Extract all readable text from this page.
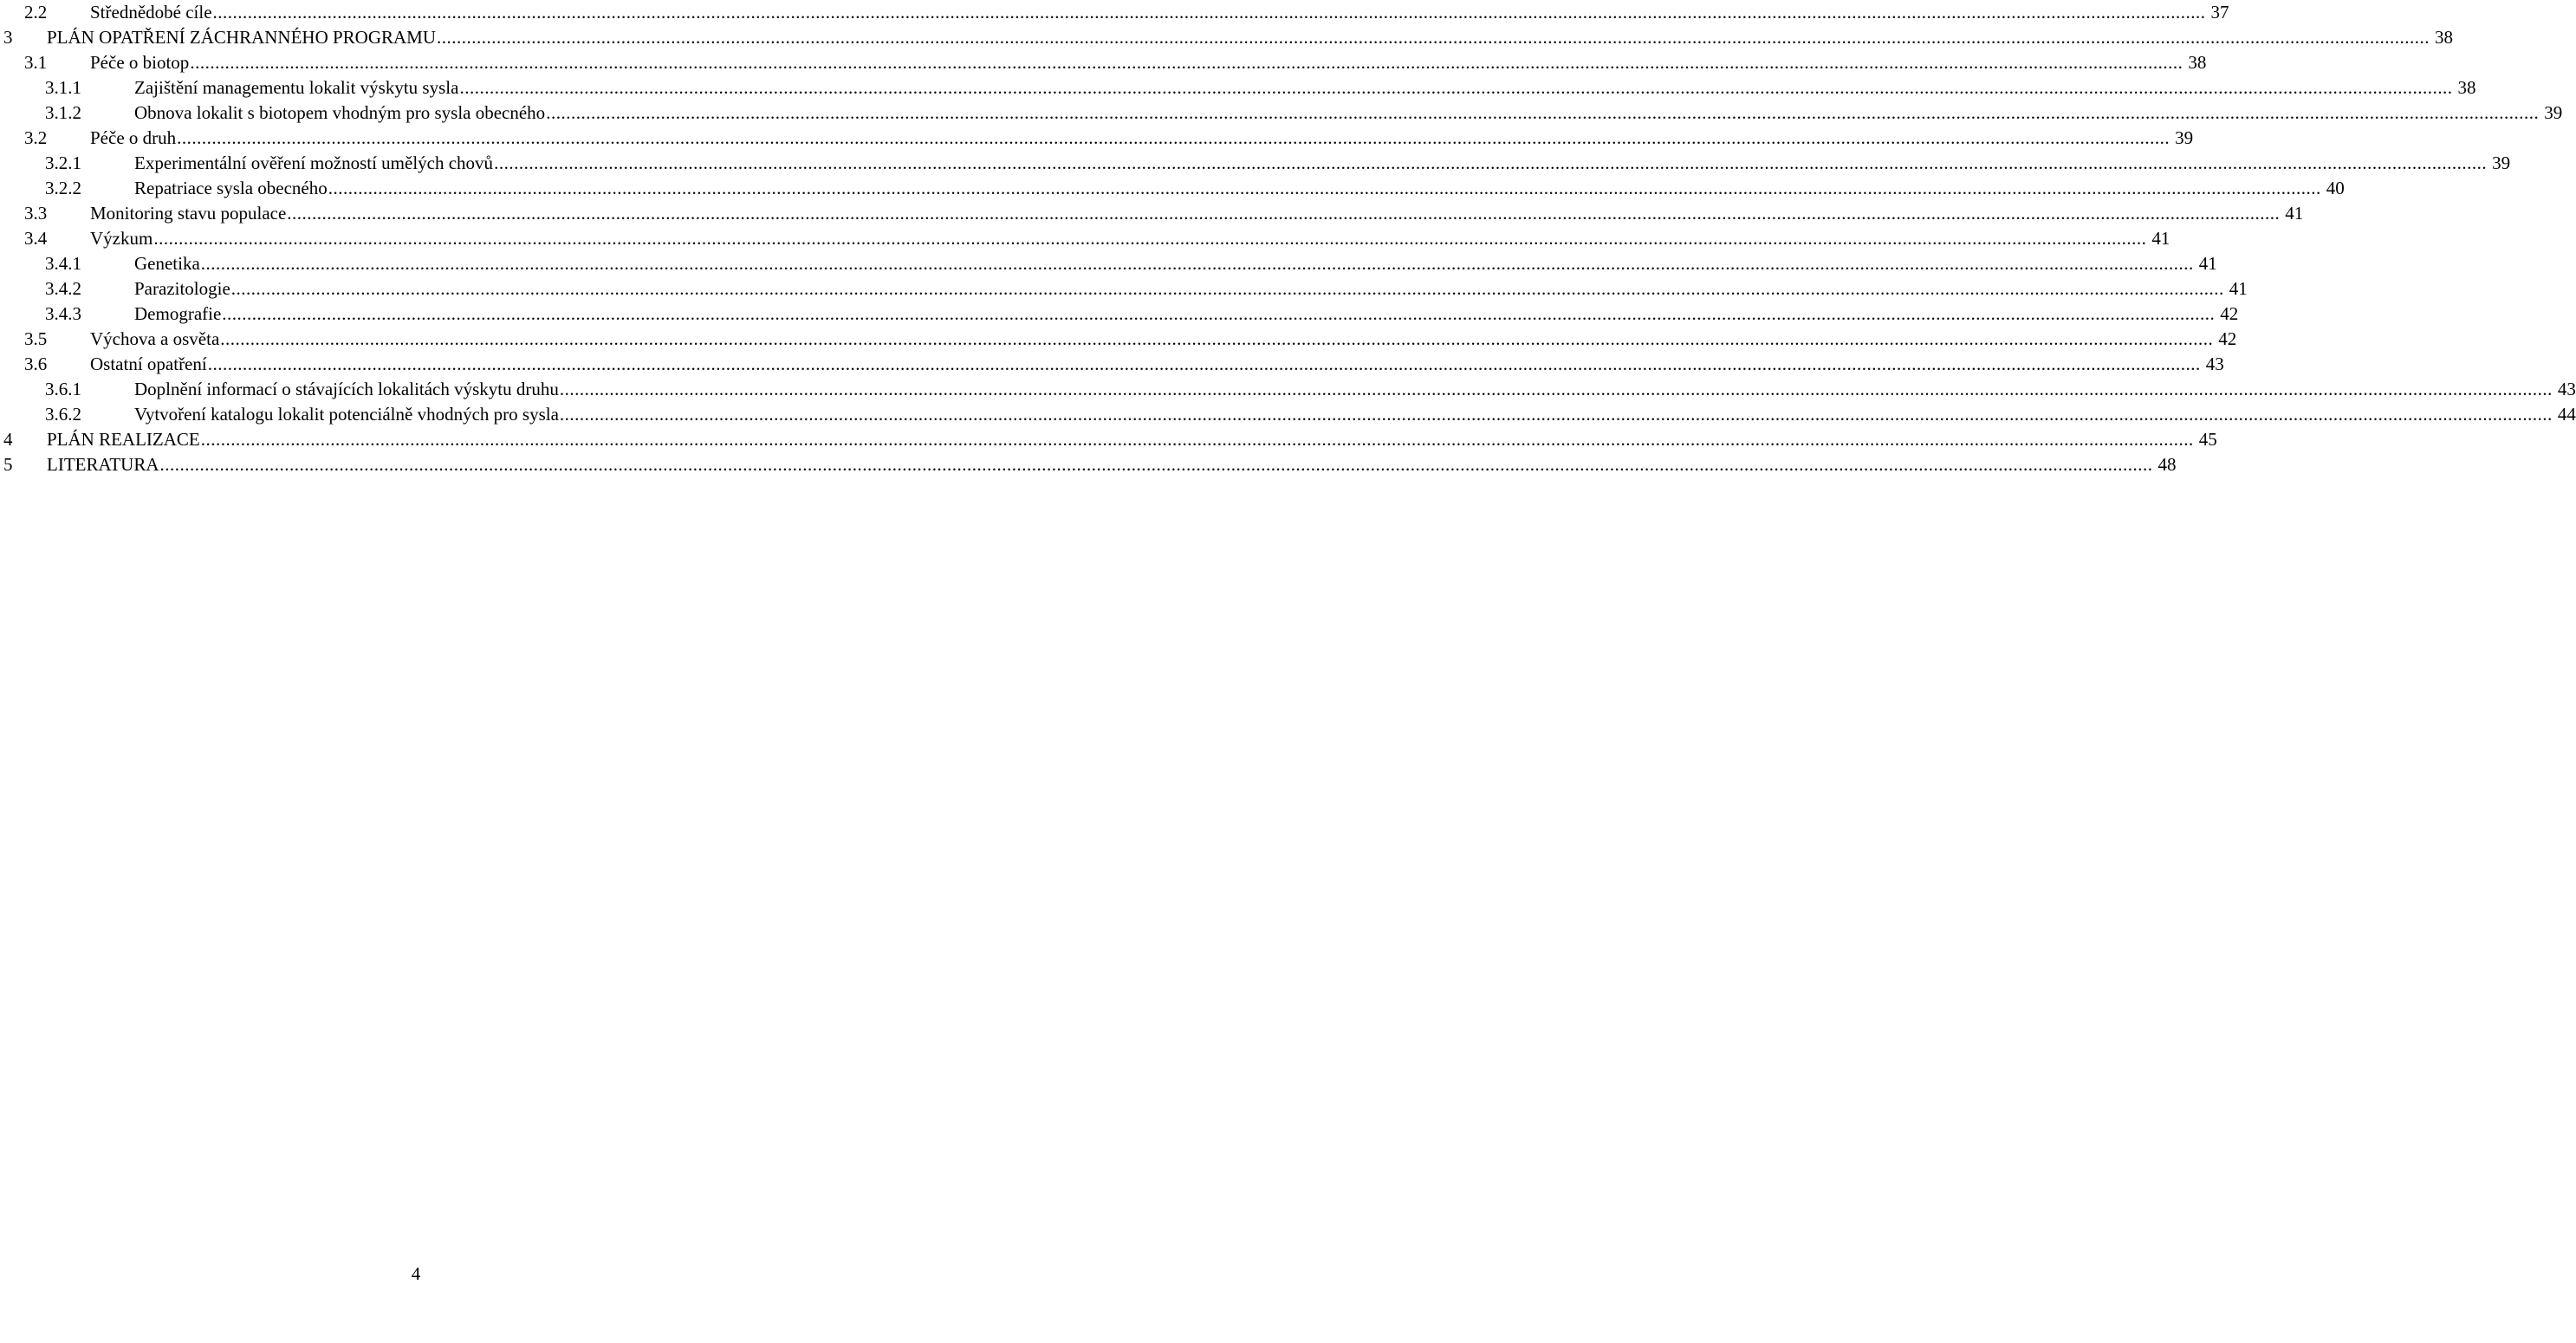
2.2 Střednědobé cíle ................................................................................................................................................................................................................................................................................................................................................................................................................ 37
3 PLÁN OPATŘENÍ ZÁCHRANNÉHO PROGRAMU ................................................................................................................................................................................................................................................................................................................................................................................................................ 38
3.1 Péče o biotop ................................................................................................................................................................................................................................................................................................................................................................................................................ 38
3.1.1	Zajištění managementu lokalit výskytu sysla ................................................................................................................................................................................................................................................................................................................................................................................................................ 38
3.1.2	Obnova lokalit s biotopem vhodným pro sysla obecného ................................................................................................................................................................................................................................................................................................................................................................................................................ 39
3.2 Péče o druh ................................................................................................................................................................................................................................................................................................................................................................................................................ 39
3.2.1	Experimentální ověření možností umělých chovů ................................................................................................................................................................................................................................................................................................................................................................................................................ 39
3.2.2	Repatriace sysla obecného ................................................................................................................................................................................................................................................................................................................................................................................................................ 40
3.3 Monitoring stavu populace ................................................................................................................................................................................................................................................................................................................................................................................................................ 41
3.4 Výzkum ................................................................................................................................................................................................................................................................................................................................................................................................................ 41
3.4.1	Genetika ................................................................................................................................................................................................................................................................................................................................................................................................................ 41
3.4.2	Parazitologie ................................................................................................................................................................................................................................................................................................................................................................................................................ 41
3.4.3	Demografie ................................................................................................................................................................................................................................................................................................................................................................................................................ 42
3.5 Výchova a osvěta ................................................................................................................................................................................................................................................................................................................................................................................................................ 42
3.6 Ostatní opatření ................................................................................................................................................................................................................................................................................................................................................................................................................ 43
3.6.1	Doplnění informací o stávajících lokalitách výskytu druhu ................................................................................................................................................................................................................................................................................................................................................................................................................ 43
3.6.2	Vytvoření katalogu lokalit potenciálně vhodných pro sysla ................................................................................................................................................................................................................................................................................................................................................................................................................ 44
4 PLÁN REALIZACE ................................................................................................................................................................................................................................................................................................................................................................................................................ 45
5 LITERATURA ................................................................................................................................................................................................................................................................................................................................................................................................................ 48
4
